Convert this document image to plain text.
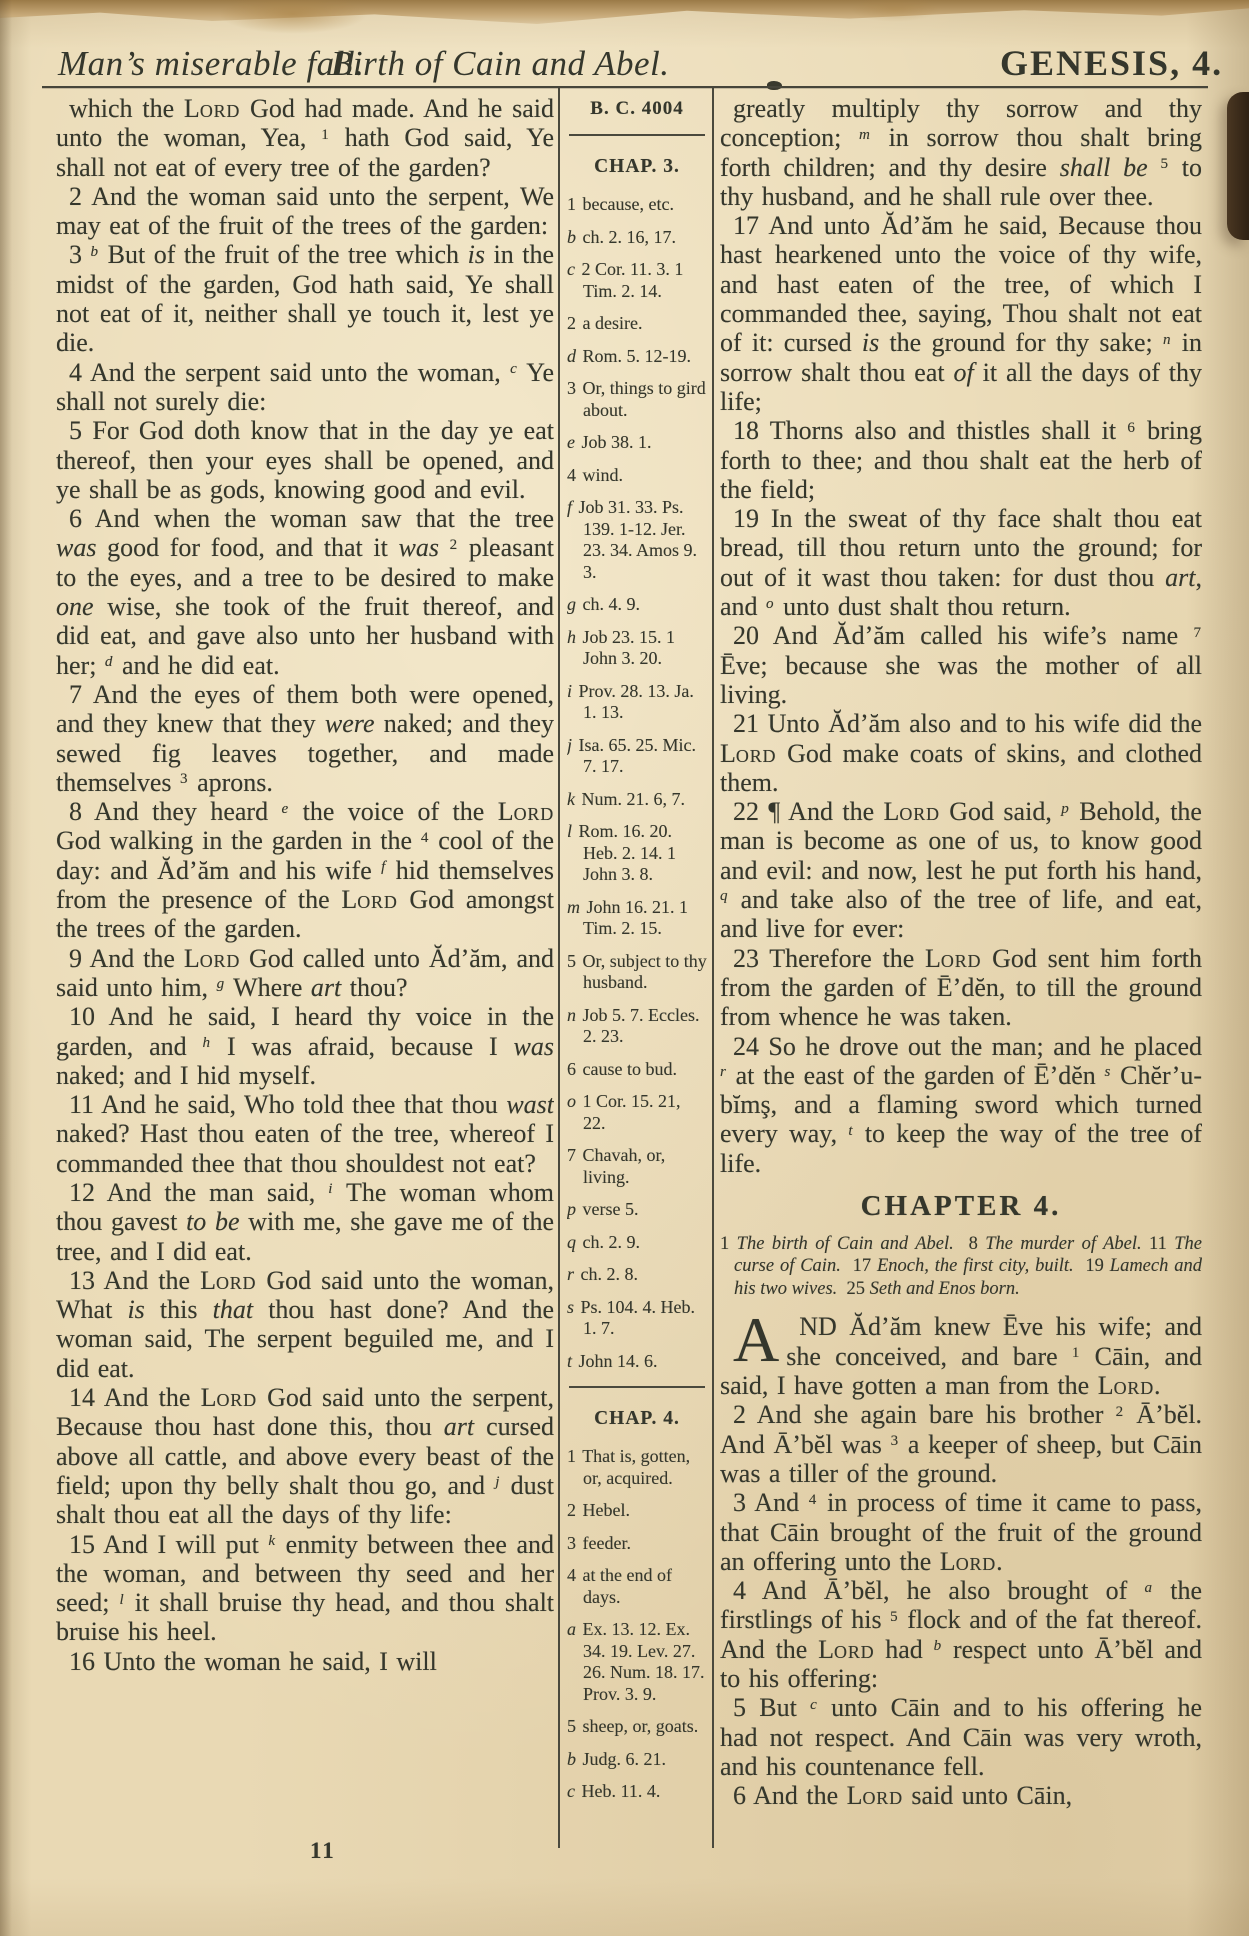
Man’s miserable fall.
Birth of Cain and Abel.	GENESIS, 4.

which the Lord God had made. And he said unto the woman, Yea, $^1$ hath God said, Ye shall not eat of every tree of the garden?

2 And the woman said unto the serpent, We may eat of the fruit of the trees of the garden:

3 $^b$ But of the fruit of the tree which is in the midst of the garden, God hath said, Ye shall not eat of it, neither shall ye touch it, lest ye die.

4 And the serpent said unto the woman, $^c$ Ye shall not surely die:

5 For God doth know that in the day ye eat thereof, then your eyes shall be opened, and ye shall be as gods, knowing good and evil.

6 And when the woman saw that the tree was good for food, and that it was $^2$ pleasant to the eyes, and a tree to be desired to make one wise, she took of the fruit thereof, and did eat, and gave also unto her husband with her; $^d$ and he did eat.

7 And the eyes of them both were opened, and they knew that they were naked; and they sewed fig leaves together, and made themselves $^3$ aprons.

8 And they heard $^e$ the voice of the Lord God walking in the garden in the $^4$ cool of the day: and Ăd’ăm and his wife $^f$ hid themselves from the presence of the Lord God amongst the trees of the garden.

9 And the Lord God called unto Ăd’ăm, and said unto him, $^g$ Where art thou?

10 And he said, I heard thy voice in the garden, and $^h$ I was afraid, because I was naked; and I hid myself.

11 And he said, Who told thee that thou wast naked? Hast thou eaten of the tree, whereof I commanded thee that thou shouldest not eat?

12 And the man said, $^i$ The woman whom thou gavest to be with me, she gave me of the tree, and I did eat.

13 And the Lord God said unto the woman, What is this that thou hast done? And the woman said, The serpent beguiled me, and I did eat.

14 And the Lord God said unto the serpent, Because thou hast done this, thou art cursed above all cattle, and above every beast of the field; upon thy belly shalt thou go, and $^j$ dust shalt thou eat all the days of thy life:

15 And I will put $^k$ enmity between thee and the woman, and between thy seed and her seed; $^l$ it shall bruise thy head, and thou shalt bruise his heel.

16 Unto the woman he said, I will

B. C. 4004

CHAP. 3.

1 because, etc.
b ch. 2. 16, 17.
c 2 Cor. 11. 3. 1 Tim. 2. 14.
2 a desire.
d Rom. 5. 12-19.
3 Or, things to gird about.
e Job 38. 1.
4 wind.
f Job 31. 33. Ps. 139. 1-12. Jer. 23. 34. Amos 9. 3.
g ch. 4. 9.
h Job 23. 15. 1 John 3. 20.
i Prov. 28. 13. Ja. 1. 13.
j Isa. 65. 25. Mic. 7. 17.
k Num. 21. 6, 7.
l Rom. 16. 20. Heb. 2. 14. 1 John 3. 8.
m John 16. 21. 1 Tim. 2. 15.
5 Or, subject to thy husband.
n Job 5. 7. Eccles. 2. 23.
6 cause to bud.
o 1 Cor. 15. 21, 22.
7 Chavah, or, living.
p verse 5.
q ch. 2. 9.
r ch. 2. 8.
s Ps. 104. 4. Heb. 1. 7.
t John 14. 6.

CHAP. 4.

1 That is, gotten, or, acquired.
2 Hebel.
3 feeder.
4 at the end of days.
a Ex. 13. 12. Ex. 34. 19. Lev. 27. 26. Num. 18. 17. Prov. 3. 9.
5 sheep, or, goats.
b Judg. 6. 21.
c Heb. 11. 4.

greatly multiply thy sorrow and thy conception; $^m$ in sorrow thou shalt bring forth children; and thy desire shall be $^5$ to thy husband, and he shall rule over thee.

17 And unto Ăd’ăm he said, Because thou hast hearkened unto the voice of thy wife, and hast eaten of the tree, of which I commanded thee, saying, Thou shalt not eat of it: cursed is the ground for thy sake; $^n$ in sorrow shalt thou eat of it all the days of thy life;

18 Thorns also and thistles shall it $^6$ bring forth to thee; and thou shalt eat the herb of the field;

19 In the sweat of thy face shalt thou eat bread, till thou return unto the ground; for out of it wast thou taken: for dust thou art, and $^o$ unto dust shalt thou return.

20 And Ăd’ăm called his wife’s name $^7$ Ēve; because she was the mother of all living.

21 Unto Ăd’ăm also and to his wife did the Lord God make coats of skins, and clothed them.

22 ¶ And the Lord God said, $^p$ Behold, the man is become as one of us, to know good and evil: and now, lest he put forth his hand, $^q$ and take also of the tree of life, and eat, and live for ever:

23 Therefore the Lord God sent him forth from the garden of Ē’dĕn, to till the ground from whence he was taken.

24 So he drove out the man; and he placed $^r$ at the east of the garden of Ē’dĕn $^s$ Chĕr’u-bĭmş, and a flaming sword which turned every way, $^t$ to keep the way of the tree of life.

CHAPTER 4.

1 The birth of Cain and Abel.  8 The murder of Abel. 11 The curse of Cain.  17 Enoch, the first city, built.  19 Lamech and his two wives.  25 Seth and Enos born.

AND Ăd’ăm knew Ēve his wife; and she conceived, and bare $^1$ Cāin, and said, I have gotten a man from the Lord.

2 And she again bare his brother $^2$ Ā’bĕl. And Ā’bĕl was $^3$ a keeper of sheep, but Cāin was a tiller of the ground.

3 And $^4$ in process of time it came to pass, that Cāin brought of the fruit of the ground an offering unto the Lord.

4 And Ā’bĕl, he also brought of $^a$ the firstlings of his $^5$ flock and of the fat thereof. And the Lord had $^b$ respect unto Ā’bĕl and to his offering:

5 But $^c$ unto Cāin and to his offering he had not respect. And Cāin was very wroth, and his countenance fell.

6 And the Lord said unto Cāin,

11
